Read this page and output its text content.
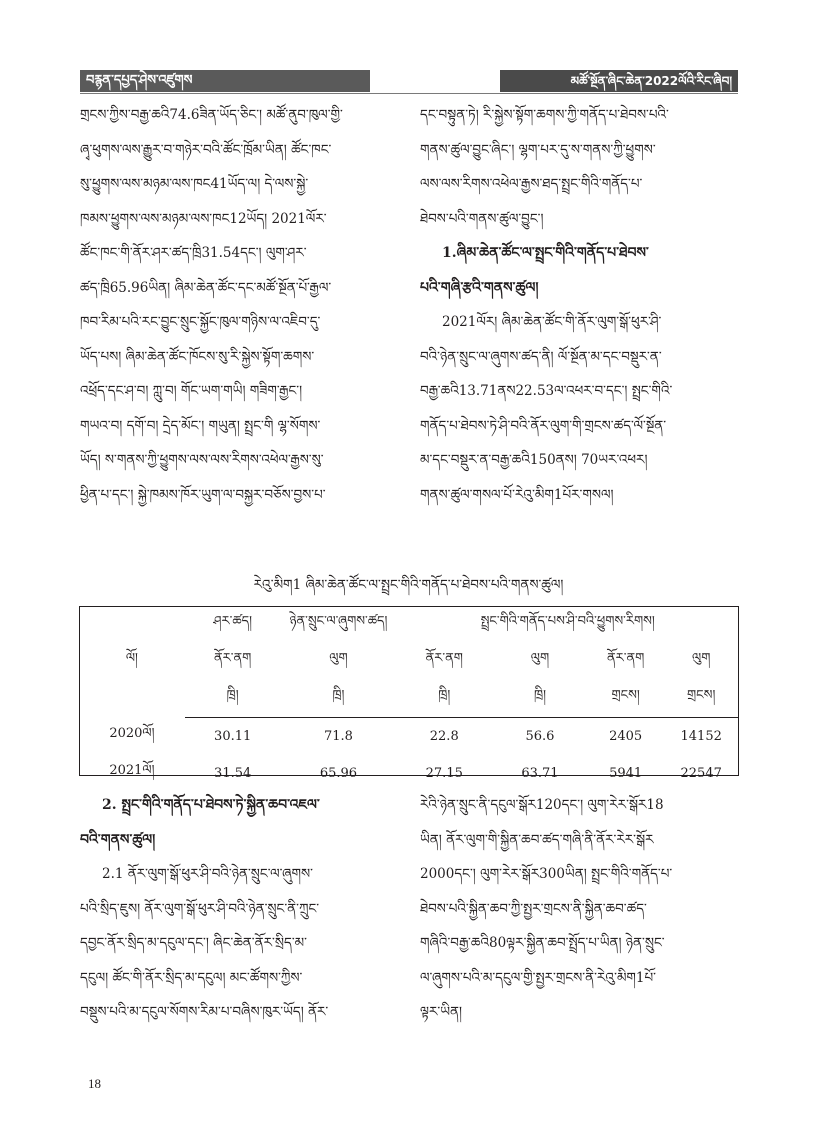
བརྙན་དཔྱད་ཤེས་འཛུགས	མཚོ་སྔོན་ཞིང་ཆེན་2022ལོའི་རིང་ཞིབ།
གྲངས་ཀྱིས་བརྒྱ་ཆའི74.6ཟིན་ཡོད་ཅིང་། མཚོ་ནུབ་ཁུལ་གྱི་
ཞྭ་ཕུགས་ལས་རྒྱུར་བ་གཉེར་བའི་ཚོང་ཁྲོམ་ཡིན། ཚོང་ཁང་
སུ་ཕྱུགས་ལས་མཉམ་ལས་ཁང41ཡོད་ལ། དེ་ལས་སྐྱེ་
ཁམས་ཕྱུགས་ལས་མཉམ་ལས་ཁང12ཡོད། 2021ལོར་
ཚོང་ཁང་གི་ནོར་ཤར་ཚད་ཁྲི31.54དང་། ལུག་ཤར་
ཚད་ཁྲི65.96ཡིན། ཞིམ་ཆེན་ཚོང་དང་མཚོ་སྔོན་པོ་རྒྱལ་
ཁབ་རིམ་པའི་རང་བྱུང་སྲུང་སྐྱོང་ཁུལ་གཉིས་ལ་འཇིབ་དུ་
ཡོད་པས། ཞིམ་ཆེན་ཚོང་ཁོངས་སུ་རི་སྐྱེས་སྟོག་ཆགས་
འཕྲོད་དང་ཤ་བ། ཀླུ་བ། གོང་ཡག་གཡི། གཟིག་རྒྱང་།
གཡའ་བ། དགོ་བ། དྲེད་མོང་། གཡུན། སྤྲང་གི ལྷ་སོགས་
ཡོད། ས་གནས་ཀྱི་ཕྱུགས་ལས་ལས་རིགས་འཕེལ་རྒྱས་སུ་
ཕྱིན་པ་དང་། སྐྱེ་ཁམས་ཁོར་ཡུག་ལ་བསྐྱར་བཅོས་བྱས་པ་
དང་བསྟུན་ཏེ། རི་སྐྱེས་སྟོག་ཆགས་ཀྱི་གནོད་པ་ཐེབས་པའི་
གནས་ཚུལ་བྱུང་ཞིང་། ལྷག་པར་དུ་ས་གནས་ཀྱི་ཕྱུགས་
ལས་ལས་རིགས་འཕེལ་རྒྱས་ཐད་སྤྲང་གིའི་གནོད་པ་
ཐེབས་པའི་གནས་ཚུལ་བྱུང་།
1.ཞིམ་ཆེན་ཚོང་ལ་སྤྲང་གིའི་གནོད་པ་ཐེབས་
པའི་གཞི་རྩའི་གནས་ཚུལ།
2021ལོར། ཞིམ་ཆེན་ཚོང་གི་ནོར་ལུག་སྒོ་ཕུར་ཤི་
བའི་ཉེན་སྲུང་ལ་ཞུགས་ཚད་ནི། ལོ་སྔོན་མ་དང་བསྡུར་ན་
བརྒྱ་ཆའི13.71ནས22.53ལ་འཕར་བ་དང་། སྤྲང་གིའི་
གནོད་པ་ཐེབས་ཏེ་ཤི་བའི་ནོར་ལུག་གི་གྲངས་ཚད་ལོ་སྔོན་
མ་དང་བསྡུར་ན་བརྒྱ་ཆའི150ནས། 70ཡར་འཕར།
གནས་ཚུལ་གསལ་པོ་རེའུ་མིག1པོར་གསལ།
རེའུ་མིག1 ཞིམ་ཆེན་ཚོང་ལ་སྤྲང་གིའི་གནོད་པ་ཐེབས་པའི་གནས་ཚུལ།
ལོ།	ཤར་ཚད།	ཉེན་སྲུང་ལ་ཞུགས་ཚད།	སྤྲང་གིའི་གནོད་པས་ཤི་བའི་ཕྱུགས་རིགས།			
	ནོར་ནག	ལུག	ནོར་ནག	ལུག	ནོར་ནག	ལུག
	ཁྲི།	ཁྲི།	ཁྲི།	ཁྲི།	གྲངས།	གྲངས།
2020ལོ།	30.11	71.8	22.8	56.6	2405	14152
2021ལོ།	31.54	65.96	27.15	63.71	5941	22547
2. སྤྲང་གིའི་གནོད་པ་ཐེབས་ཏེ་སྐྱིན་ཆབ་འཇལ་
བའི་གནས་ཚུལ།
2.1 ནོར་ལུག་སྒོ་ཕུར་ཤི་བའི་ཉེན་སྲུང་ལ་ཞུགས་
པའི་སྲིད་ཇུས། ནོར་ལུག་སྒོ་ཕུར་ཤི་བའི་ཉེན་སྲུང་ནི་ཀྲུང་
དབྱང་ནོར་སྲིད་མ་དངུལ་དང་། ཞིང་ཆེན་ནོར་སྲིད་མ་
དངུལ། ཚོང་གི་ནོར་སྲིད་མ་དངུལ། མང་ཚོགས་ཀྱིས་
བསྡུས་པའི་མ་དངུལ་སོགས་རིམ་པ་བཞིས་ཁུར་ཡོད། ནོར་
རེའི་ཉེན་སྲུང་ནི་དངུལ་སྒོར120དང་། ལུག་རེར་སྒོར18
ཡིན། ནོར་ལུག་གི་སྐྱིན་ཆབ་ཚད་གཞི་ནི་ནོར་རེར་སྒོར
2000དང་། ལུག་རེར་སྒོར300ཡིན། སྤྲང་གིའི་གནོད་པ་
ཐེབས་པའི་སྐྱིན་ཆབ་ཀྱི་སྤྱར་གྲངས་ནི་སྐྱིན་ཆབ་ཚད་
གཞིའི་བརྒྱ་ཆའི80ལྟར་སྐྱིན་ཆབ་སྤྲོད་པ་ཡིན། ཉེན་སྲུང་
ལ་ཞུགས་པའི་མ་དངུལ་གྱི་སྤྱར་གྲངས་ནི་རེའུ་མིག1པོ་
ལྟར་ཡིན།
18
